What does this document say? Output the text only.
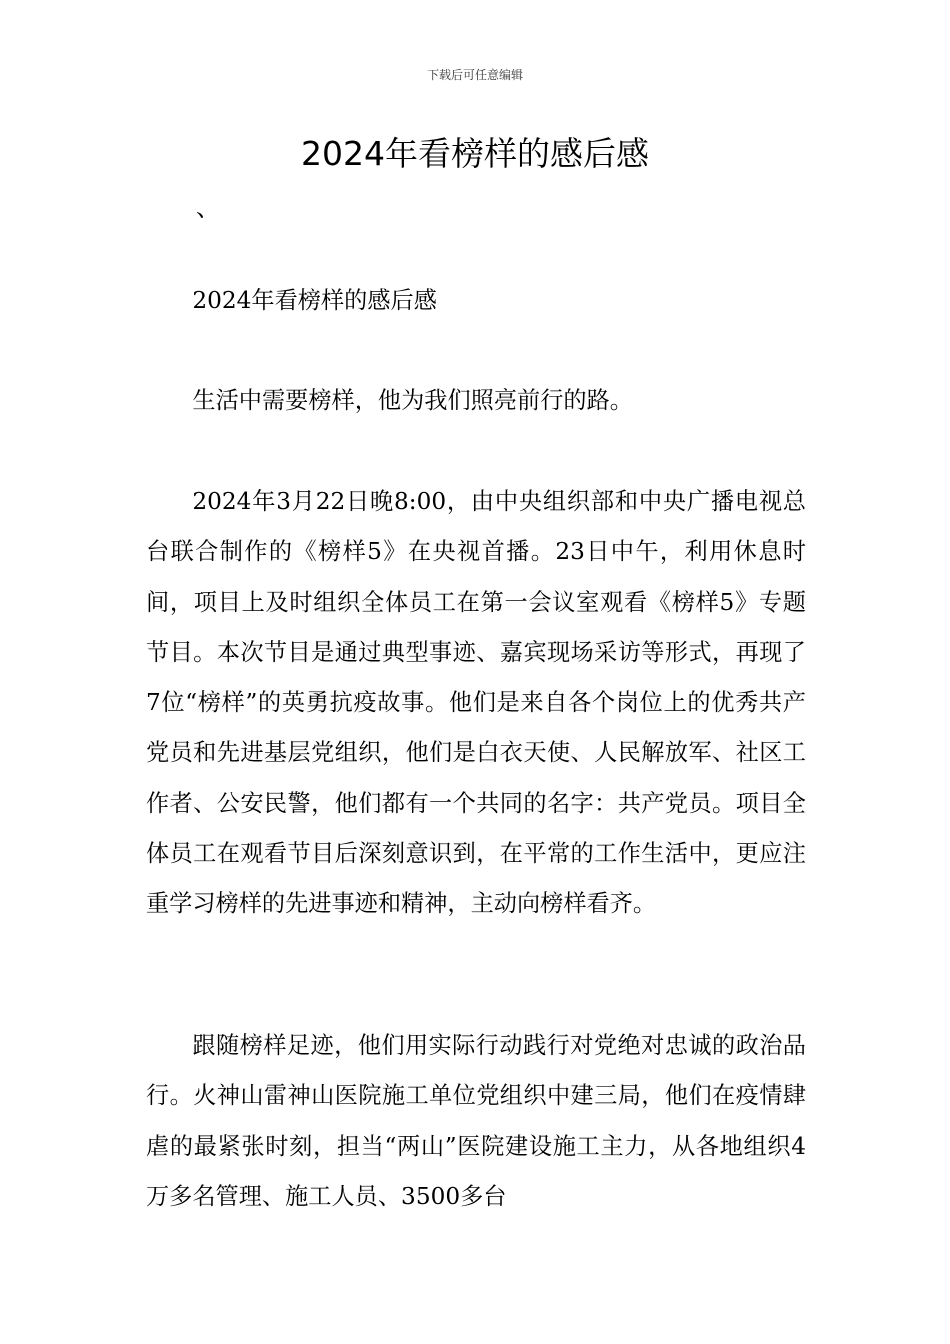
下载后可任意编辑
2024年看榜样的感后感
、

2024年看榜样的感后感

生活中需要榜样，他为我们照亮前行的路。

2024年3月22日晚8:00，由中央组织部和中央广播电视总台联合制作的《榜样5》在央视首播。23日中午，利用休息时间，项目上及时组织全体员工在第一会议室观看《榜样5》专题节目。本次节目是通过典型事迹、嘉宾现场采访等形式，再现了7位“榜样”的英勇抗疫故事。他们是来自各个岗位上的优秀共产党员和先进基层党组织，他们是白衣天使、人民解放军、社区工作者、公安民警，他们都有一个共同的名字：共产党员。项目全体员工在观看节目后深刻意识到，在平常的工作生活中，更应注重学习榜样的先进事迹和精神，主动向榜样看齐。

跟随榜样足迹，他们用实际行动践行对党绝对忠诚的政治品行。火神山雷神山医院施工单位党组织中建三局，他们在疫情肆虐的最紧张时刻，担当“两山”医院建设施工主力，从各地组织4万多名管理、施工人员、3500多台
